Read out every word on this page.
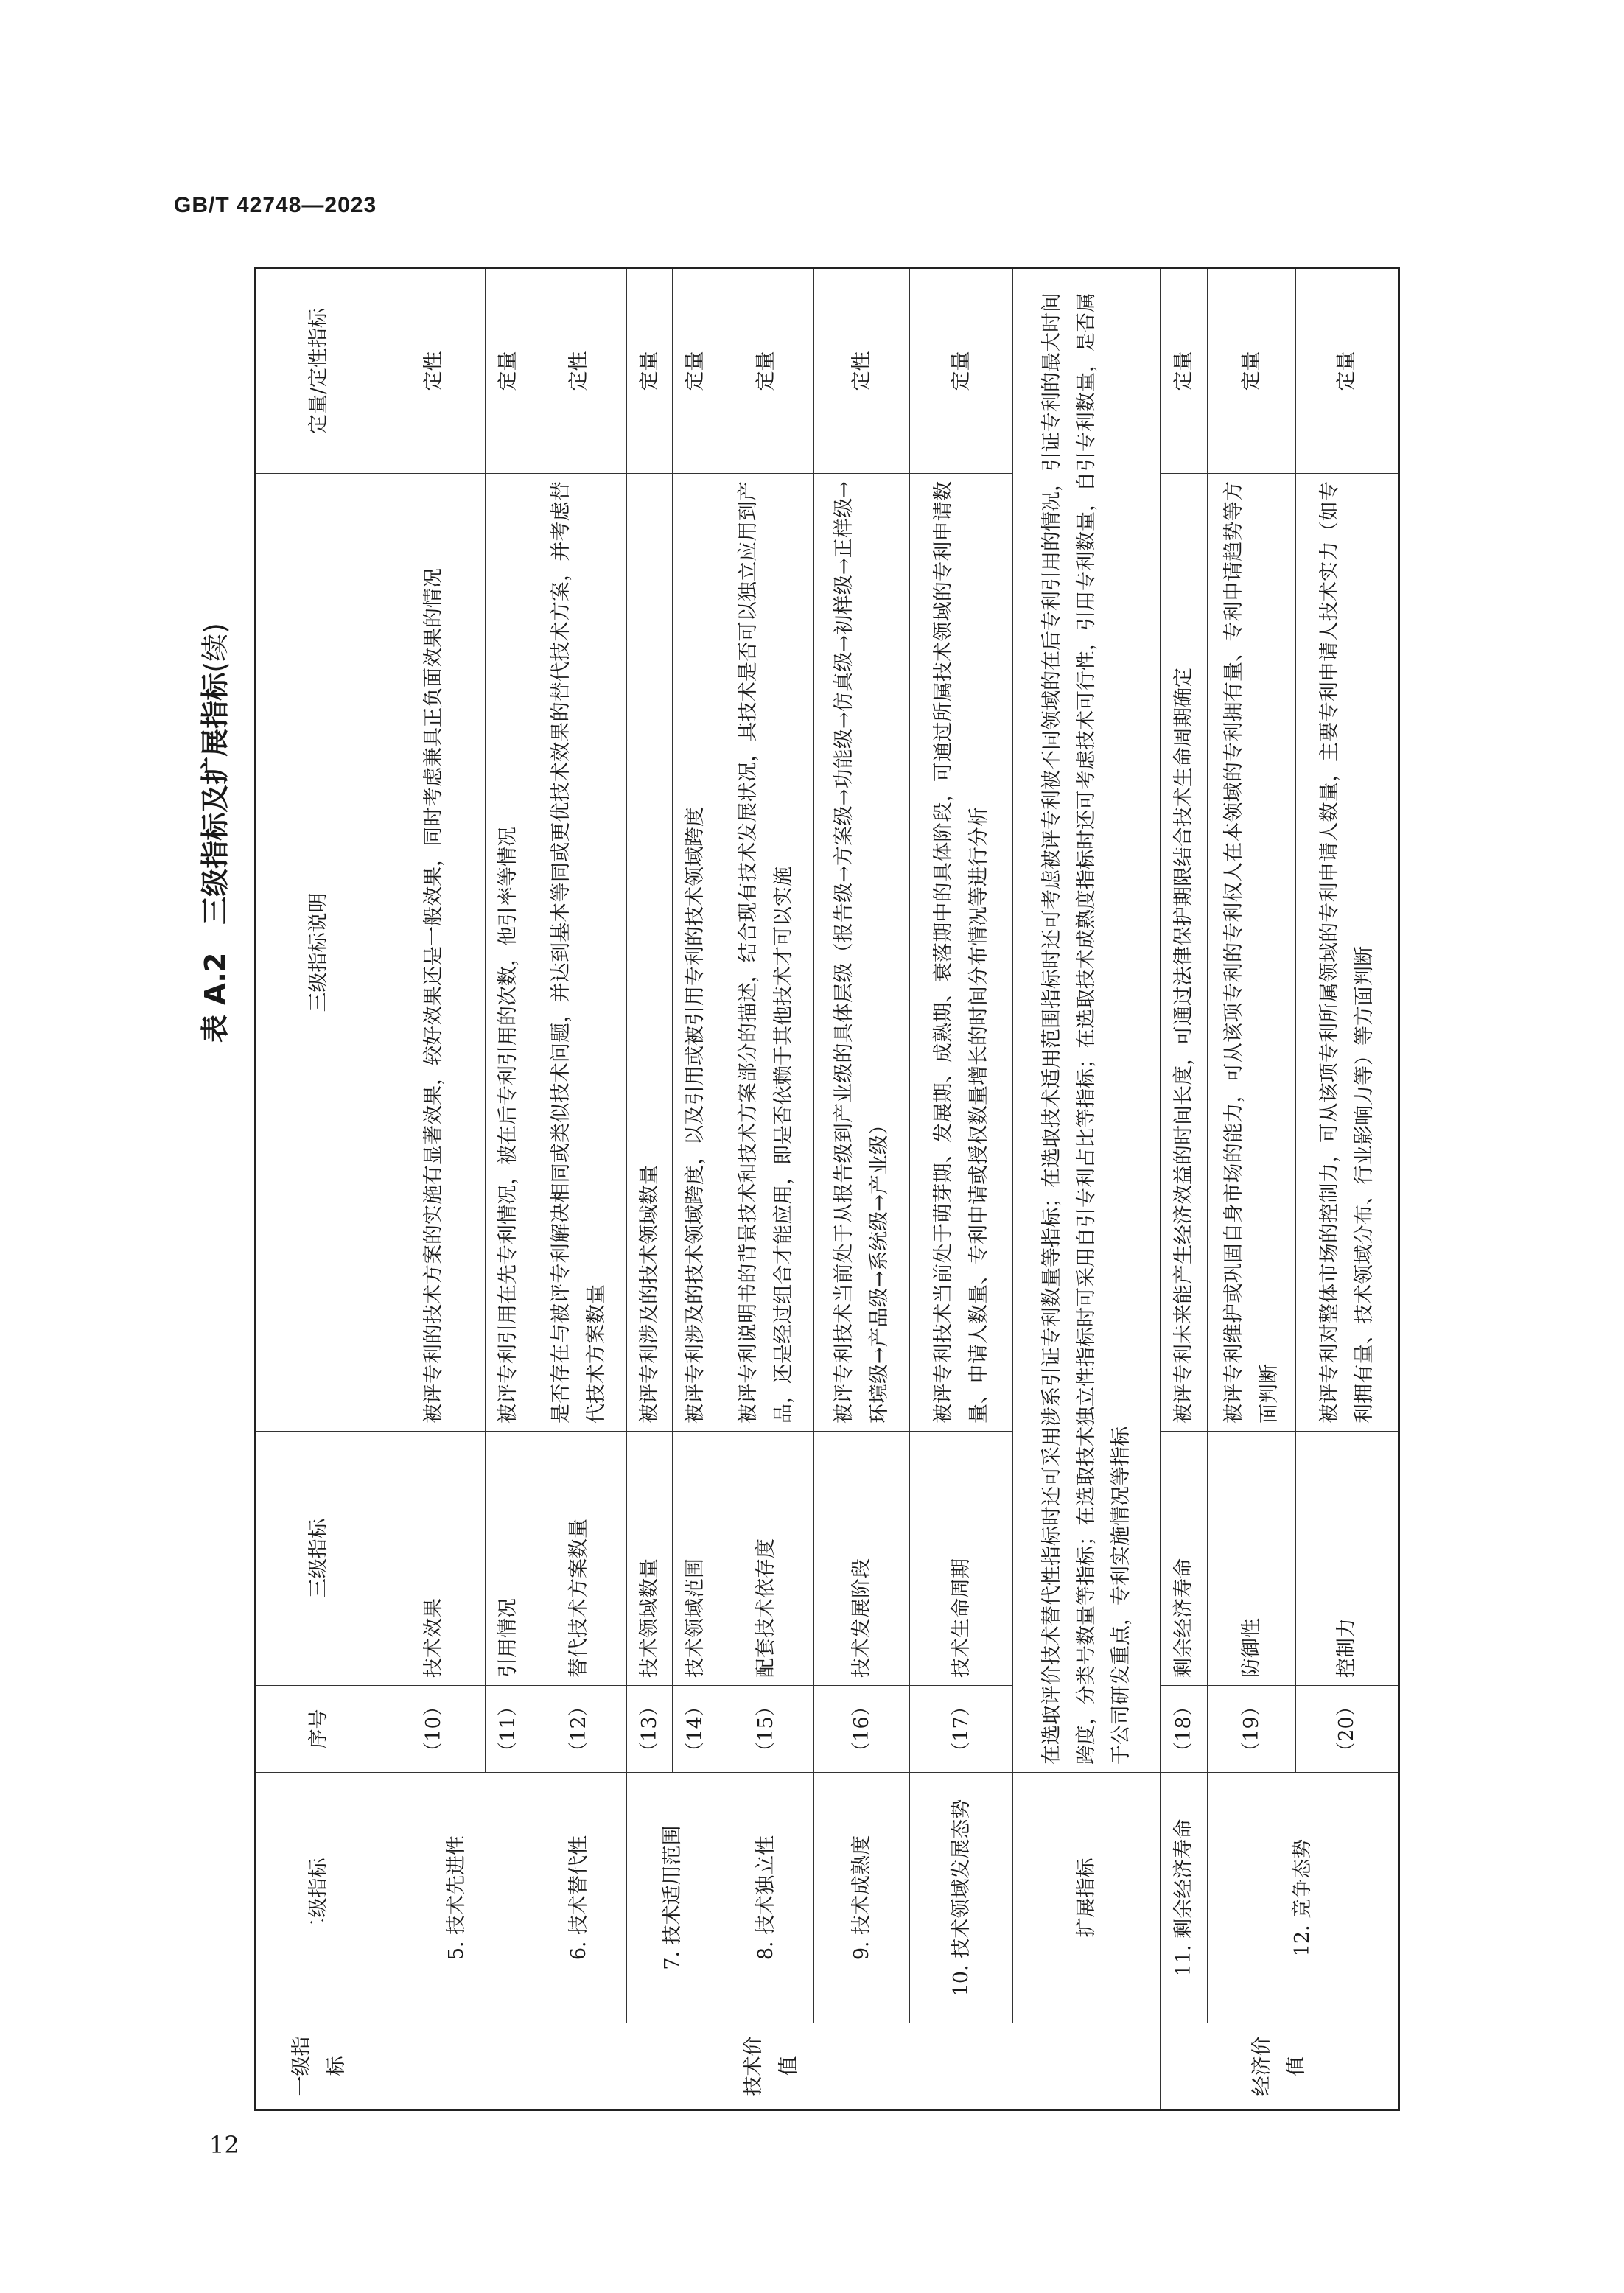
GB/T 42748—2023
表 A.2　三级指标及扩展指标(续)
一级指标	二级指标	序号	三级指标	三级指标说明	定量/定性指标
技术价值	5. 技术先进性	（10）	技术效果	被评专利的技术方案的实施有显著效果，较好效果还是一般效果，同时考虑兼具正负面效果的情况	定性
		（11）	引用情况	被评专利引用在先专利情况，被在后专利引用的次数，他引率等情况	定量
	6. 技术替代性	（12）	替代技术方案数量	是否存在与被评专利解决相同或类似技术问题，并达到基本等同或更优技术效果的替代技术方案，并考虑替代技术方案数量	定性
	7. 技术适用范围	（13）	技术领域数量	被评专利涉及的技术领域数量	定量
		（14）	技术领域范围	被评专利涉及的技术领域跨度，以及引用或被引用专利的技术领域跨度	定量
	8. 技术独立性	（15）	配套技术依存度	被评专利说明书的背景技术和技术方案部分的描述，结合现有技术发展状况，其技术是否可以独立应用到产品，还是经过组合才能应用，即是否依赖于其他技术才可以实施	定量
	9. 技术成熟度	（16）	技术发展阶段	被评专利技术当前处于从报告级到产业级的具体层级（报告级→方案级→功能级→仿真级→初样级→正样级→环境级→产品级→系统级→产业级）	定性
	10. 技术领域发展态势	（17）	技术生命周期	被评专利技术当前处于萌芽期、发展期、成熟期、衰落期中的具体阶段，可通过所属技术领域的专利申请数量、申请人数量、专利申请或授权数量增长的时间分布情况等进行分析	定量
	扩展指标	在选取评价技术替代性指标时还可采用涉系引证专利数量等指标；在选取技术适用范围指标时还可考虑被评专利被不同领域的在后专利引用的情况，引证专利的最大时间跨度，分类号数量等指标；在选取技术独立性指标时可采用自引专利占比等指标；在选取技术成熟度指标时还可考虑技术可行性，引用专利数量，自引专利数量，是否属于公司研发重点，专利实施情况等指标			
经济价值	11. 剩余经济寿命	（18）	剩余经济寿命	被评专利未来能产生经济效益的时间长度，可通过法律保护期限结合技术生命周期确定	定量
	12. 竞争态势	（19）	防御性	被评专利维护或巩固自身市场的能力，可从该项专利的专利权人在本领域的专利拥有量、专利申请趋势等方面判断	定量
		（20）	控制力	被评专利对整体市场的控制力，可从该项专利所属领域的专利申请人数量，主要专利申请人技术实力（如专利拥有量、技术领域分布、行业影响力等）等方面判断	定量
12
